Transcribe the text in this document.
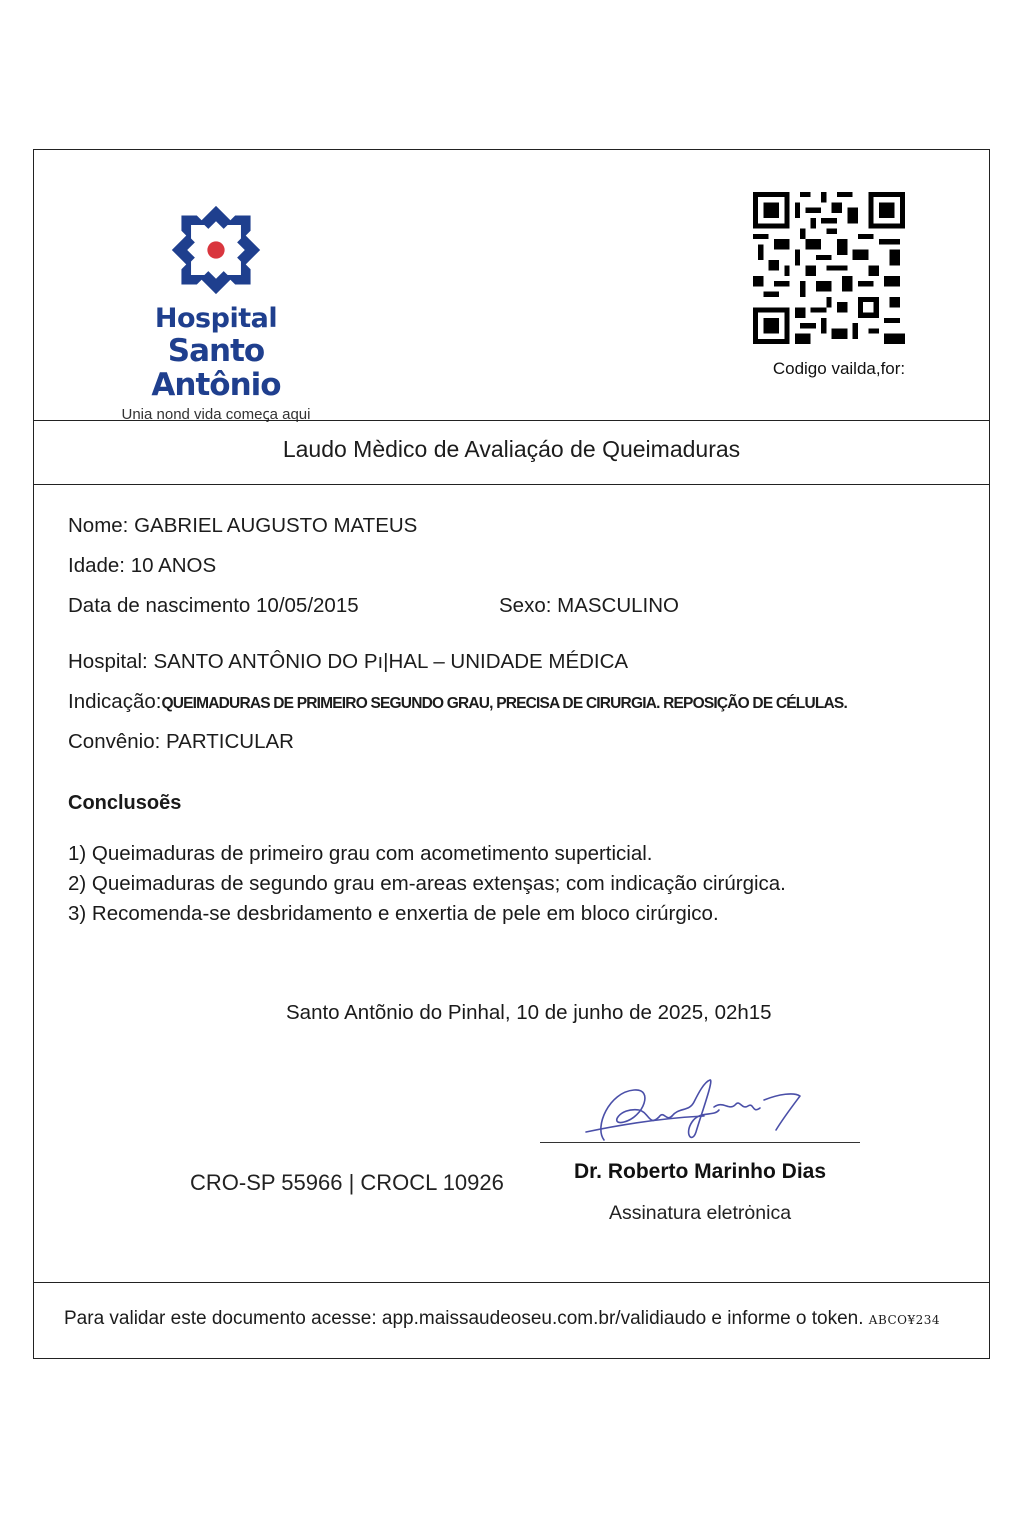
Hospital
Santo Antônio
Unia nond vida comeꞔa aqui
Codigo vailda,for:
Laudo Mèdico de Avaliaçáo de Queimaduras
Nome: GABRIEL AUGUSTO MATEUS
Idade: 10 ANOS
Data de nascimento 10/05/2015	Sexo: MASCULINO
Hospital: SANTO ANTÔNIO DO Pı|HAL – UNIDADE MÉDICA
Indicação:QUEIMADURAS DE PRIMEIRO SEGUNDO GRAU, PRECISA DE CIRURGIA. REPOSIÇÃO DE CÉLULAS.
Convênio: PARTICULAR
Conclusoẽs
1) Queimaduras de primeiro grau com acometimento superticial.
2) Queimaduras de segundo grau em-areas extenşas; com indicação cirúrgica.
3) Recomenda-se desbridamento e enxertia de pele em bloco cirúrgico.
Santo Antõnio do Pinhal, 10 de junho de 2025, 02h15
CRO-SP 55966 | CROCL 10926	Dr. Roberto Marinho Dias
Assinatura eletrȯnica
Para validar este documento acesse: app.maissaudeoseu.com.br/validiaudo e informe o token. ABCO¥234
